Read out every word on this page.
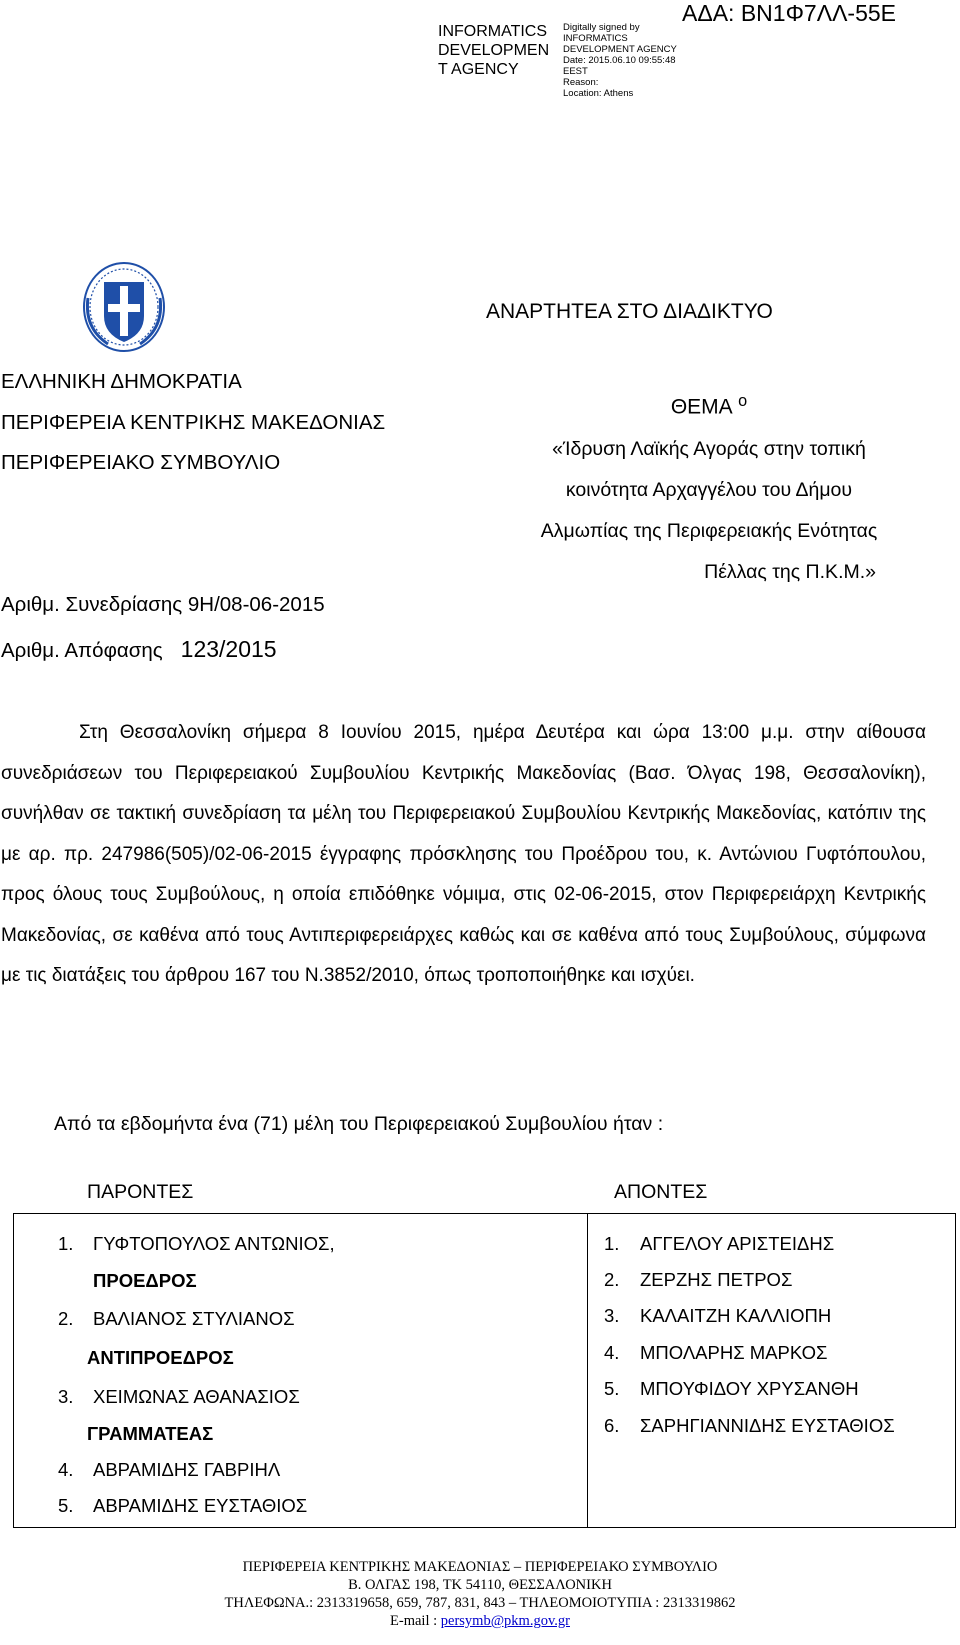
INFORMATICS
DEVELOPMEN
T AGENCY
Digitally signed by
INFORMATICS
DEVELOPMENT AGENCY
Date: 2015.06.10 09:55:48
EEST
Reason:
Location: Athens
ΑΔΑ: ΒΝ1Φ7ΛΛ-55Ε
ΑΝΑΡΤΗΤΕΑ ΣΤΟ ΔΙΑΔΙΚΤΥΟ
ΕΛΛΗΝΙΚΗ ΔΗΜΟΚΡΑΤΙΑ
ΠΕΡΙΦΕΡΕΙΑ ΚΕΝΤΡΙΚΗΣ ΜΑΚΕΔΟΝΙΑΣ
ΠΕΡΙΦΕΡΕΙΑΚΟ ΣΥΜΒΟΥΛΙΟ
ΘΕΜΑ $^o$
«Ίδρυση Λαϊκής Αγοράς στην τοπική
κοινότητα Αρχαγγέλου του Δήμου
Αλμωπίας της Περιφερειακής Ενότητας
Πέλλας της Π.Κ.Μ.»
Αριθμ. Συνεδρίασης 9Η/08-06-2015
Αριθμ. Απόφασης 123/2015
Στη Θεσσαλονίκη σήμερα 8 Ιουνίου 2015, ημέρα Δευτέρα και ώρα 13:00 μ.μ. στην αίθουσα συνεδριάσεων του Περιφερειακού Συμβουλίου Κεντρικής Μακεδονίας (Βασ. Όλγας 198, Θεσσαλονίκη), συνήλθαν σε τακτική συνεδρίαση τα μέλη του Περιφερειακού Συμβουλίου Κεντρικής Μακεδονίας, κατόπιν της με αρ. πρ. 247986(505)/02-06-2015 έγγραφης πρόσκλησης του Προέδρου του, κ. Αντώνιου Γυφτόπουλου, προς όλους τους Συμβούλους, η οποία επιδόθηκε νόμιμα, στις 02-06-2015, στον Περιφερειάρχη Κεντρικής Μακεδονίας, σε καθένα από τους Αντιπεριφερειάρχες καθώς και σε καθένα από τους Συμβούλους, σύμφωνα με τις διατάξεις του άρθρου 167 του Ν.3852/2010, όπως τροποποιήθηκε και ισχύει.
Από τα εβδομήντα ένα (71) μέλη του Περιφερειακού Συμβουλίου ήταν :
ΠΑΡΟΝΤΕΣ	ΑΠΟΝΤΕΣ
1. ΓΥΦΤΟΠΟΥΛΟΣ ΑΝΤΩΝΙΟΣ,
ΠΡΟΕΔΡΟΣ
2. ΒΑΛΙΑΝΟΣ ΣΤΥΛΙΑΝΟΣ
ΑΝΤΙΠΡΟΕΔΡΟΣ
3. ΧΕΙΜΩΝΑΣ ΑΘΑΝΑΣΙΟΣ
ΓΡΑΜΜΑΤΕΑΣ
4. ΑΒΡΑΜΙΔΗΣ ΓΑΒΡΙΗΛ
5. ΑΒΡΑΜΙΔΗΣ ΕΥΣΤΑΘΙΟΣ
1. ΑΓΓΕΛΟΥ ΑΡΙΣΤΕΙΔΗΣ
2. ΖΕΡΖΗΣ ΠΕΤΡΟΣ
3. ΚΑΛΑΙΤΖΗ ΚΑΛΛΙΟΠΗ
4. ΜΠΟΛΑΡΗΣ ΜΑΡΚΟΣ
5. ΜΠΟΥΦΙΔΟΥ ΧΡΥΣΑΝΘΗ
6. ΣΑΡΗΓΙΑΝΝΙΔΗΣ ΕΥΣΤΑΘΙΟΣ
ΠΕΡΙΦΕΡΕΙΑ ΚΕΝΤΡΙΚΗΣ ΜΑΚΕΔΟΝΙΑΣ – ΠΕΡΙΦΕΡΕΙΑΚΟ ΣΥΜΒΟΥΛΙΟ
Β. ΟΛΓΑΣ 198, ΤΚ 54110, ΘΕΣΣΑΛΟΝΙΚΗ
ΤΗΛΕΦΩΝΑ.: 2313319658, 659, 787, 831, 843 – ΤΗΛΕΟΜΟΙΟΤΥΠΙΑ : 2313319862
E-mail : persymb@pkm.gov.gr
